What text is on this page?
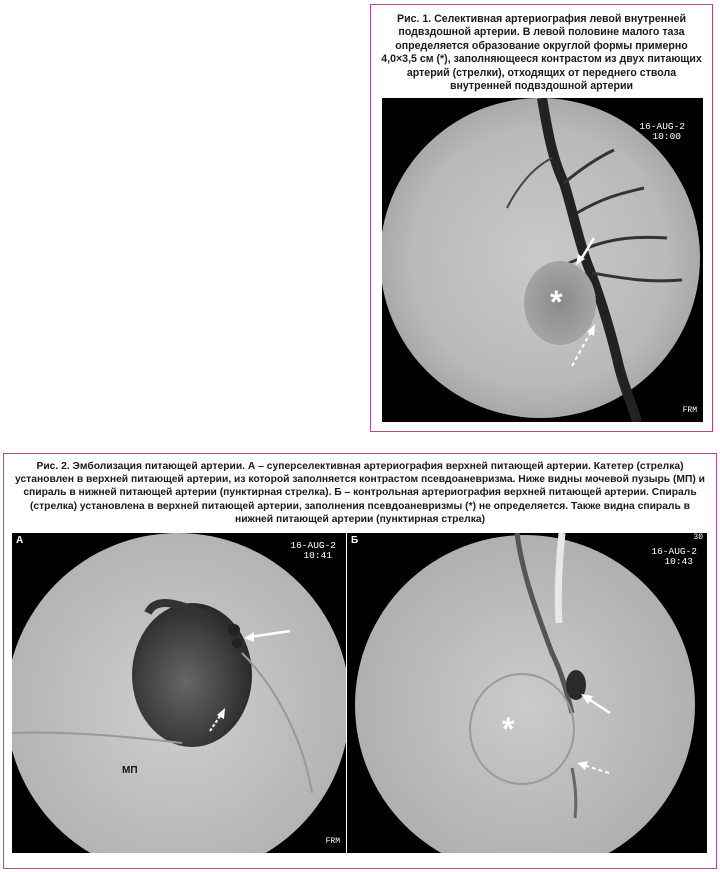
Рис. 1. Селективная артериография левой внутренней подвздошной артерии. В левой половине малого таза определяется образование округлой формы примерно 4,0×3,5 см (*), заполняющееся контрастом из двух питающих артерий (стрелки), отходящих от переднего ствола внутренней подвздошной артерии
16-AUG-2
10:00
*
FRM
Рис. 2. Эмболизация питающей артерии. А – суперселективная артериография верхней питающей артерии. Катетер (стрелка) установлен в верхней питающей артерии, из которой заполняется контрастом псевдоаневризма. Ниже видны мочевой пузырь (МП) и спираль в нижней питающей артерии (пунктирная стрелка). Б – контрольная артериография верхней питающей артерии. Спираль (стрелка) установлена в верхней питающей артерии, заполнения псевдоаневризмы (*) не определяется. Также видна спираль в нижней питающей артерии (пунктирная стрелка)
А	16-AUG-2
10:41
МП
FRM
Б
16-AUG-2
10:43
30
*
